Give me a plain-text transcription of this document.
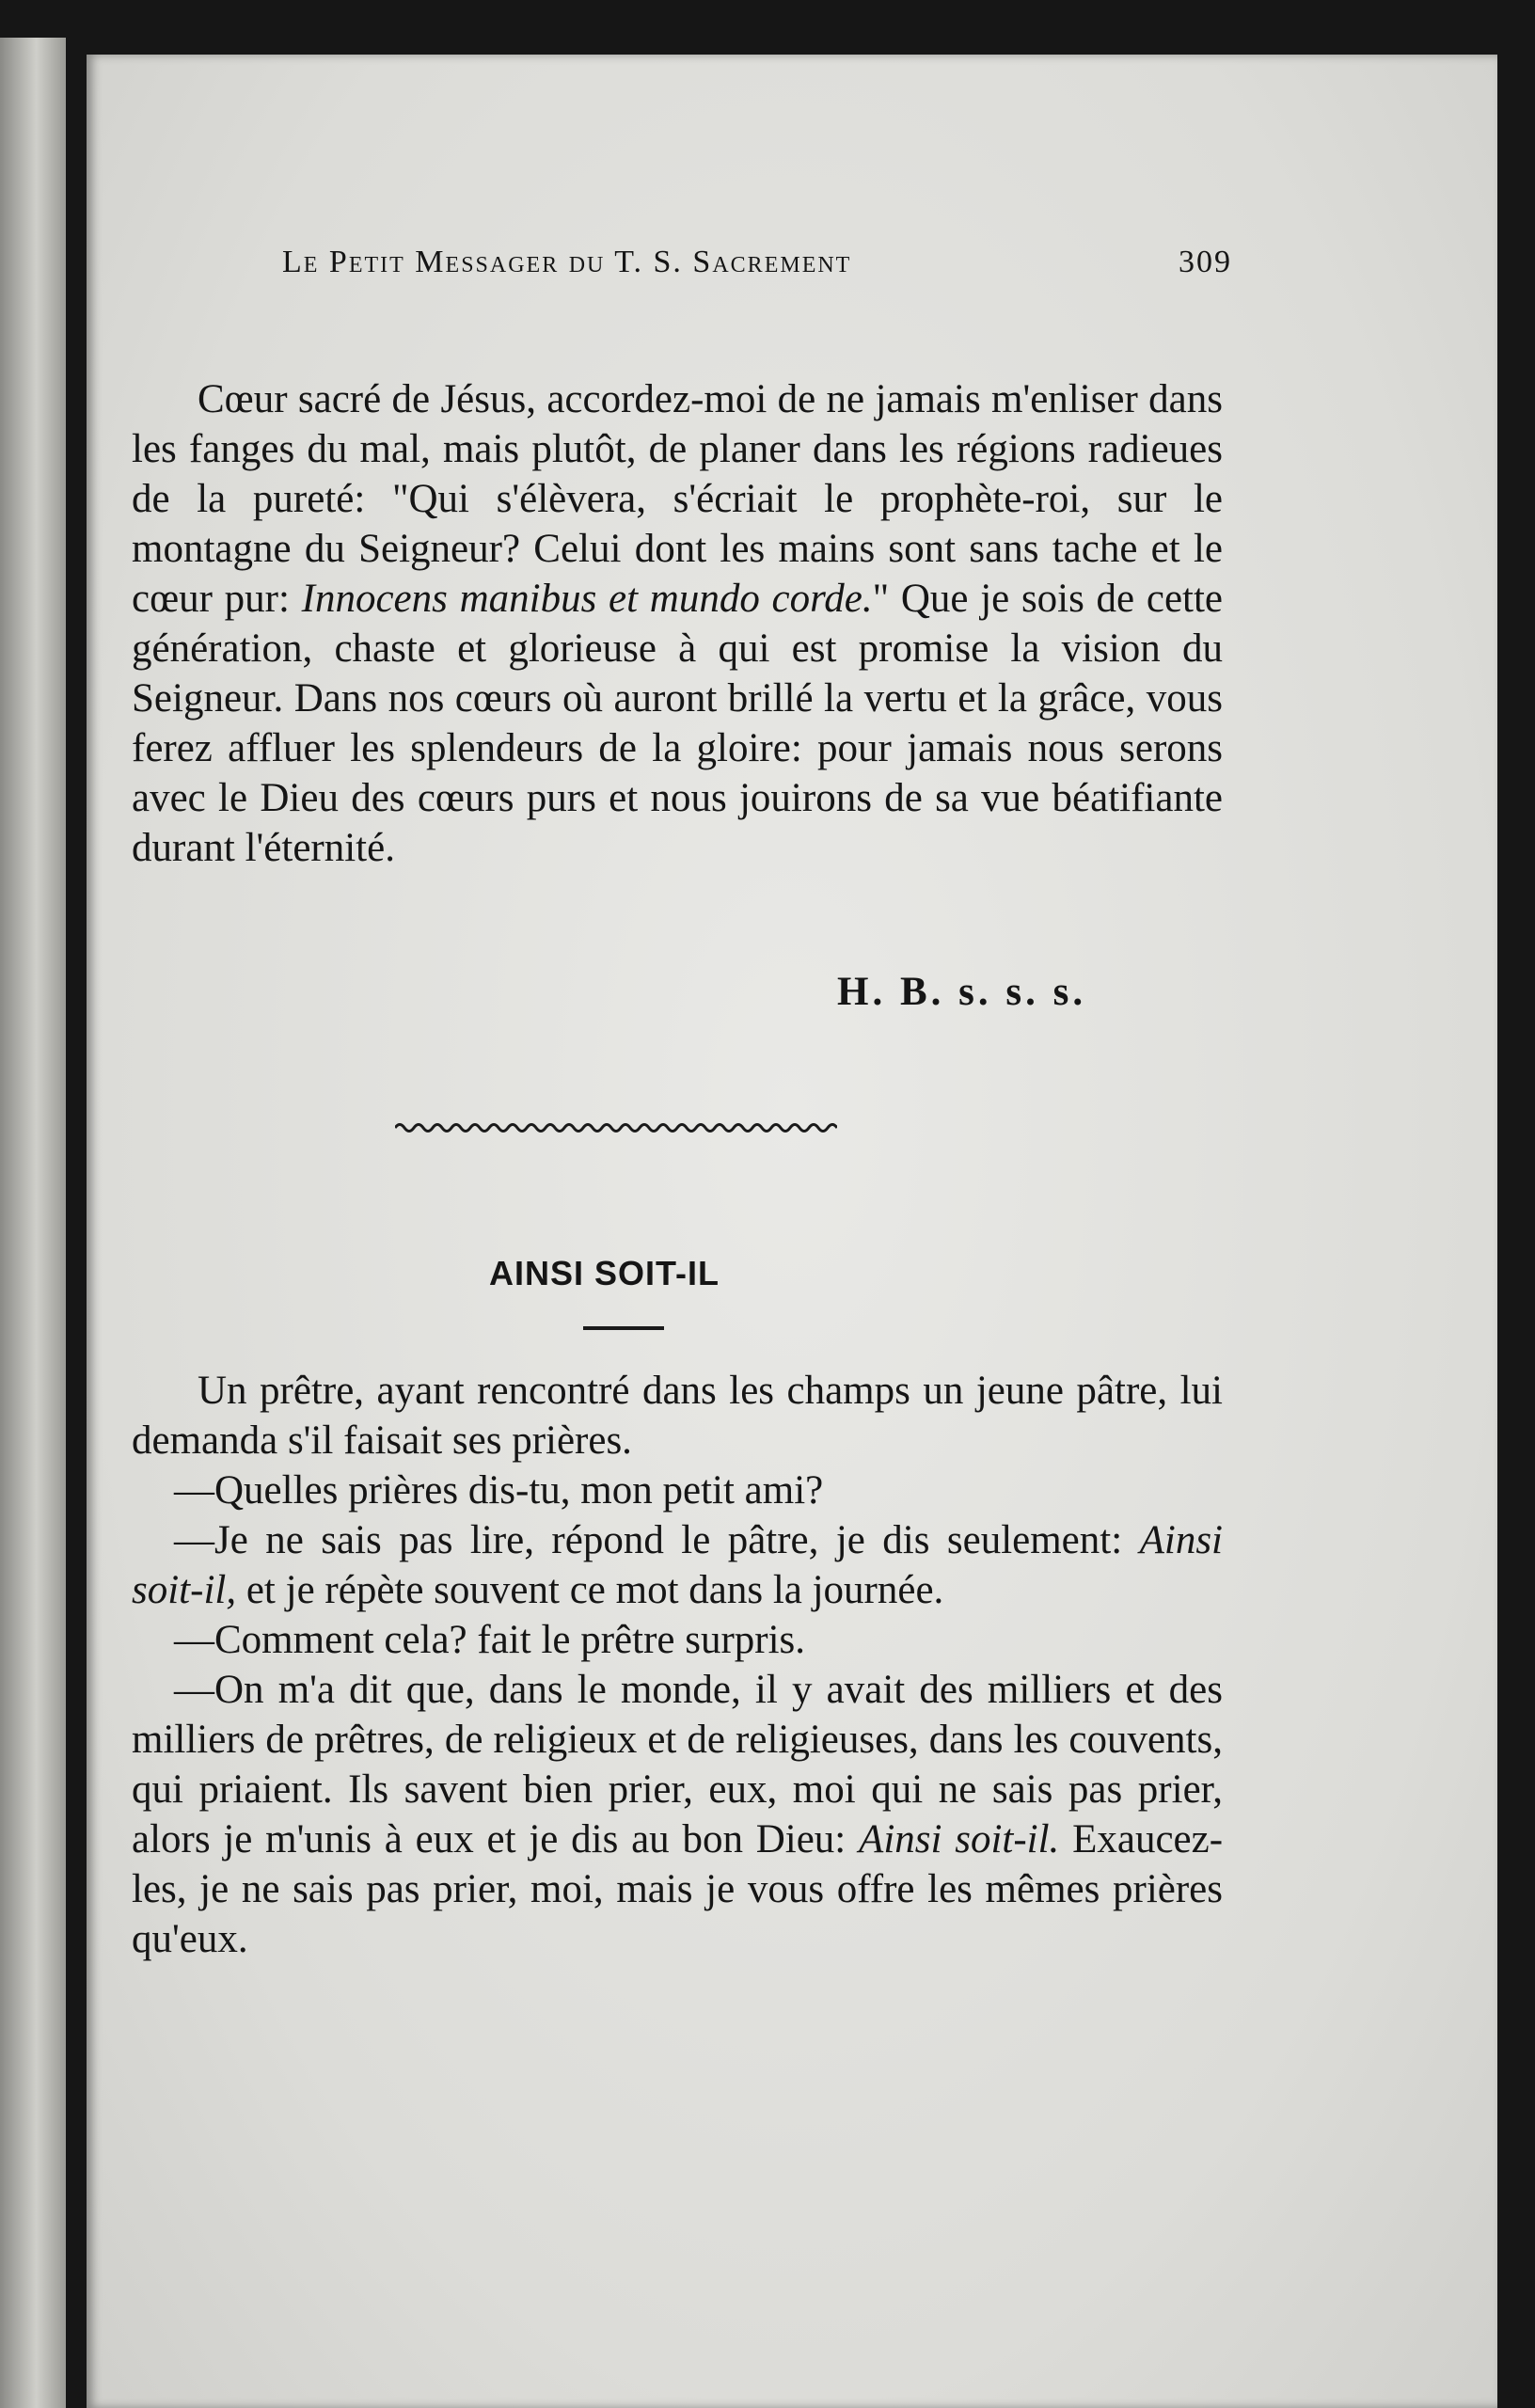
Le Petit Messager du T. S. Sacrement	309

Cœur sacré de Jésus, accordez-moi de ne jamais m'enliser dans les fanges du mal, mais plutôt, de planer dans les régions radieues de la pureté: "Qui s'élèvera, s'écriait le prophète-roi, sur le montagne du Seigneur? Celui dont les mains sont sans tache et le cœur pur: Innocens manibus et mundo corde." Que je sois de cette génération, chaste et glorieuse à qui est promise la vision du Seigneur. Dans nos cœurs où auront brillé la vertu et la grâce, vous ferez affluer les splendeurs de la gloire: pour jamais nous serons avec le Dieu des cœurs purs et nous jouirons de sa vue béatifiante durant l'éternité.

H. B. s. s. s.
AINSI SOIT-IL

Un prêtre, ayant rencontré dans les champs un jeune pâtre, lui demanda s'il faisait ses prières.

—Quelles prières dis-tu, mon petit ami?

—Je ne sais pas lire, répond le pâtre, je dis seulement: Ainsi soit-il, et je répète souvent ce mot dans la journée.

—Comment cela? fait le prêtre surpris.

—On m'a dit que, dans le monde, il y avait des milliers et des milliers de prêtres, de religieux et de religieuses, dans les couvents, qui priaient. Ils savent bien prier, eux, moi qui ne sais pas prier, alors je m'unis à eux et je dis au bon Dieu: Ainsi soit-il. Exaucez-les, je ne sais pas prier, moi, mais je vous offre les mêmes prières qu'eux.
